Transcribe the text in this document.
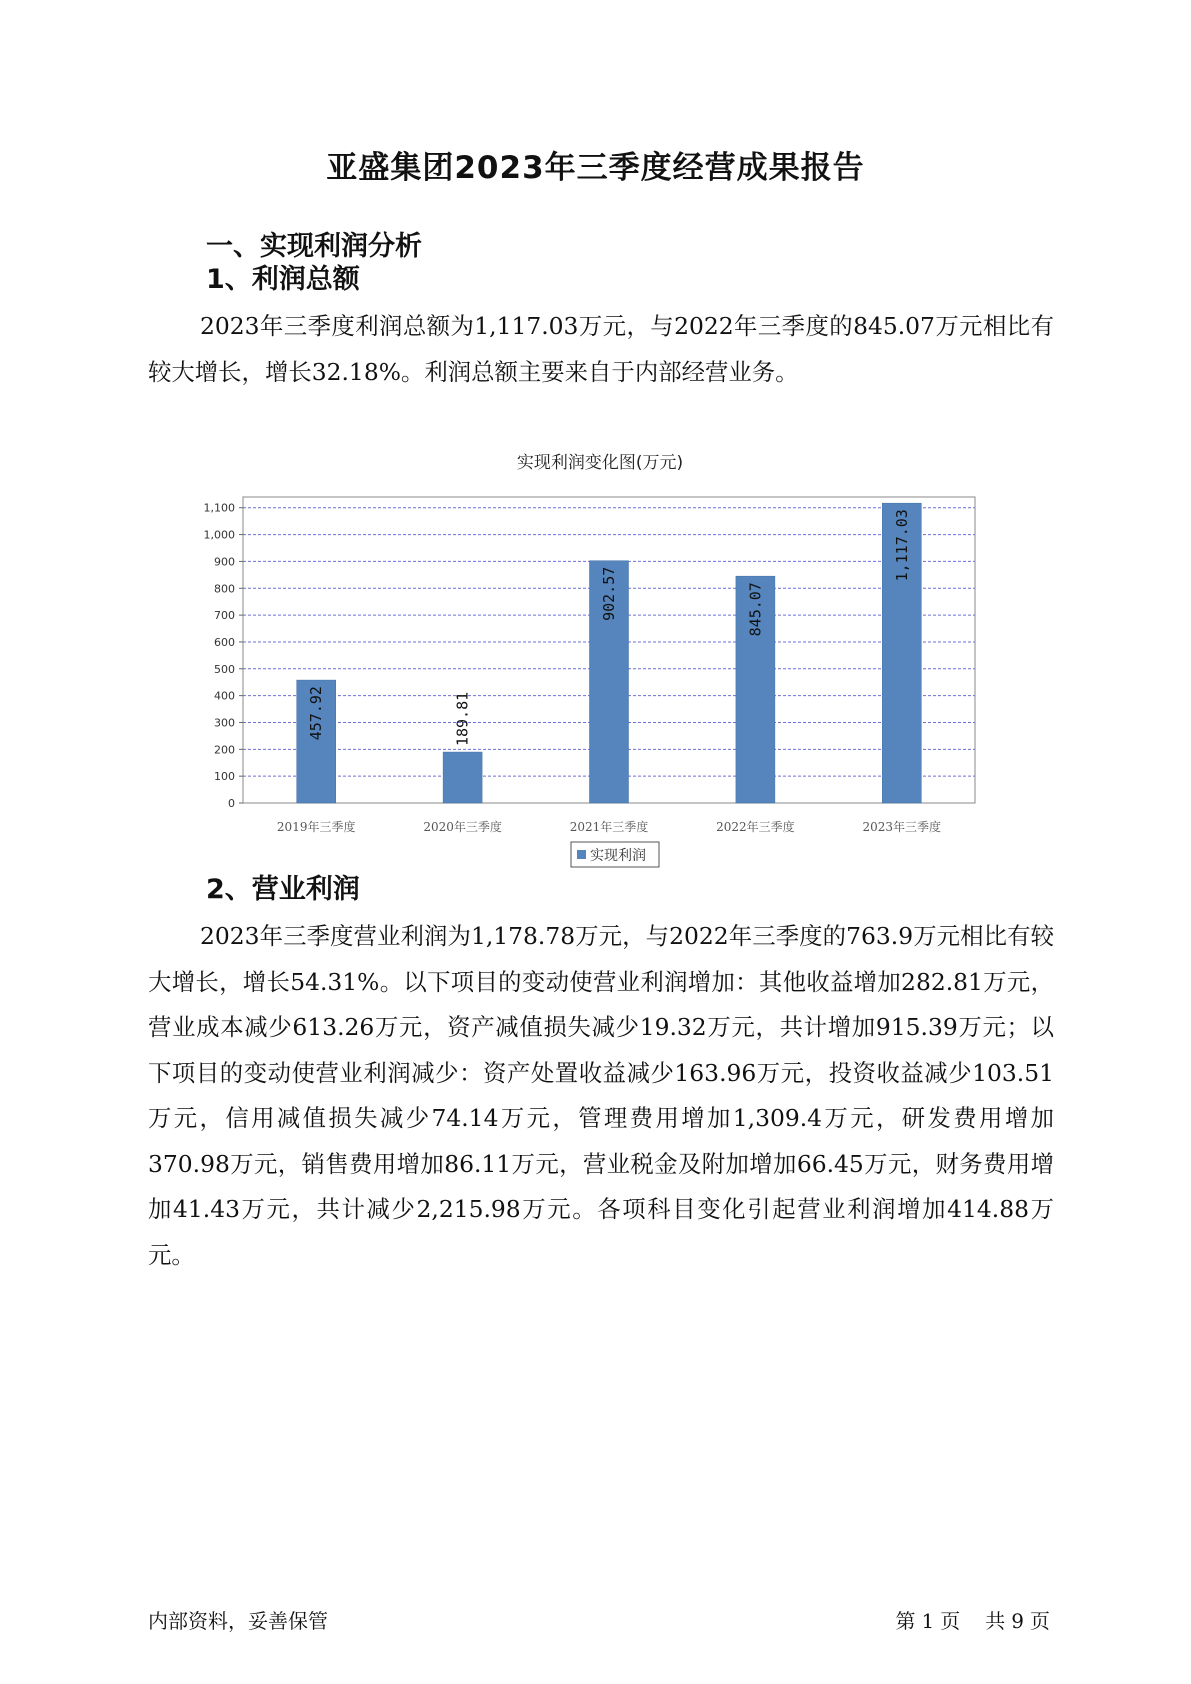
亚盛集团2023年三季度经营成果报告
一、实现利润分析
1、利润总额

2023年三季度利润总额为1,117.03万元，与2022年三季度的845.07万元相比有较大增长，增长32.18%。利润总额主要来自于内部经营业务。

实现利润变化图(万元)
457.92	189.81
902.57	845.07
1,117.03
0
100
200
300
400
500
600
700
800
900
1,000
1,100
2019年三季度	2020年三季度	2021年三季度	2022年三季度	2023年三季度
实现利润
2、营业利润

2023年三季度营业利润为1,178.78万元，与2022年三季度的763.9万元相比有较大增长，增长54.31%。以下项目的变动使营业利润增加：其他收益增加282.81万元，营业成本减少613.26万元，资产减值损失减少19.32万元，共计增加915.39万元；以下项目的变动使营业利润减少：资产处置收益减少163.96万元，投资收益减少103.51万元，信用减值损失减少74.14万元，管理费用增加1,309.4万元，研发费用增加370.98万元，销售费用增加86.11万元，营业税金及附加增加66.45万元，财务费用增加41.43万元，共计减少2,215.98万元。各项科目变化引起营业利润增加414.88万元。

内部资料，妥善保管	第 1 页 共 9 页
